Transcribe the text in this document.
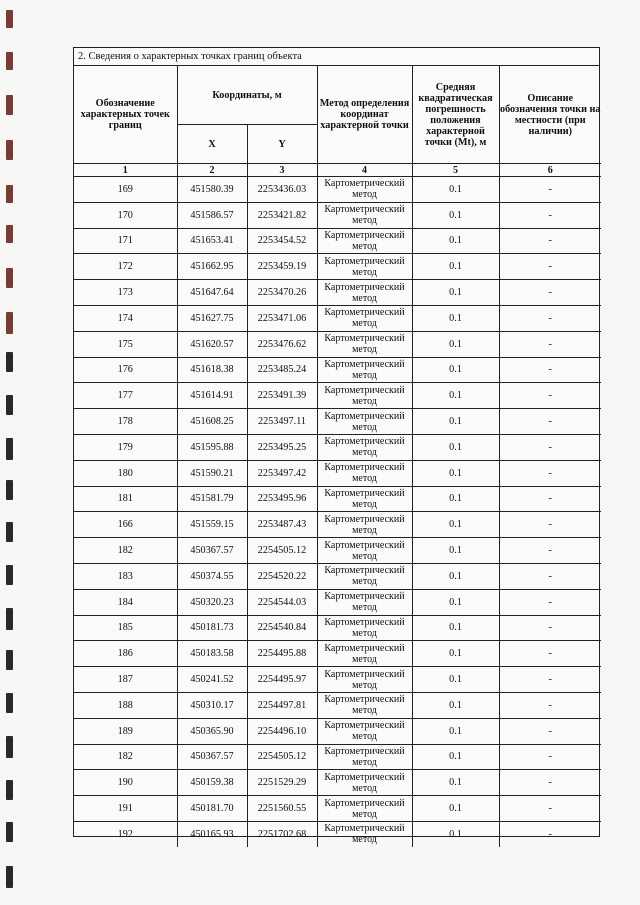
2. Сведения о характерных точках границ объекта
Обозначение характерных точек границ	Координаты, м		Метод определения координат характерной точки	Средняя квадратическая погрешность положения характерной точки (Mt), м	Описание обозначения точки на местности (при наличии)
	X	Y			
1	2	3	4	5	6
169	451580.39	2253436.03	Картометрический метод	0.1	-
170	451586.57	2253421.82	Картометрический метод	0.1	-
171	451653.41	2253454.52	Картометрический метод	0.1	-
172	451662.95	2253459.19	Картометрический метод	0.1	-
173	451647.64	2253470.26	Картометрический метод	0.1	-
174	451627.75	2253471.06	Картометрический метод	0.1	-
175	451620.57	2253476.62	Картометрический метод	0.1	-
176	451618.38	2253485.24	Картометрический метод	0.1	-
177	451614.91	2253491.39	Картометрический метод	0.1	-
178	451608.25	2253497.11	Картометрический метод	0.1	-
179	451595.88	2253495.25	Картометрический метод	0.1	-
180	451590.21	2253497.42	Картометрический метод	0.1	-
181	451581.79	2253495.96	Картометрический метод	0.1	-
166	451559.15	2253487.43	Картометрический метод	0.1	-
182	450367.57	2254505.12	Картометрический метод	0.1	-
183	450374.55	2254520.22	Картометрический метод	0.1	-
184	450320.23	2254544.03	Картометрический метод	0.1	-
185	450181.73	2254540.84	Картометрический метод	0.1	-
186	450183.58	2254495.88	Картометрический метод	0.1	-
187	450241.52	2254495.97	Картометрический метод	0.1	-
188	450310.17	2254497.81	Картометрический метод	0.1	-
189	450365.90	2254496.10	Картометрический метод	0.1	-
182	450367.57	2254505.12	Картометрический метод	0.1	-
190	450159.38	2251529.29	Картометрический метод	0.1	-
191	450181.70	2251560.55	Картометрический метод	0.1	-
192	450165.93	2251702.68	Картометрический метод	0.1	-
